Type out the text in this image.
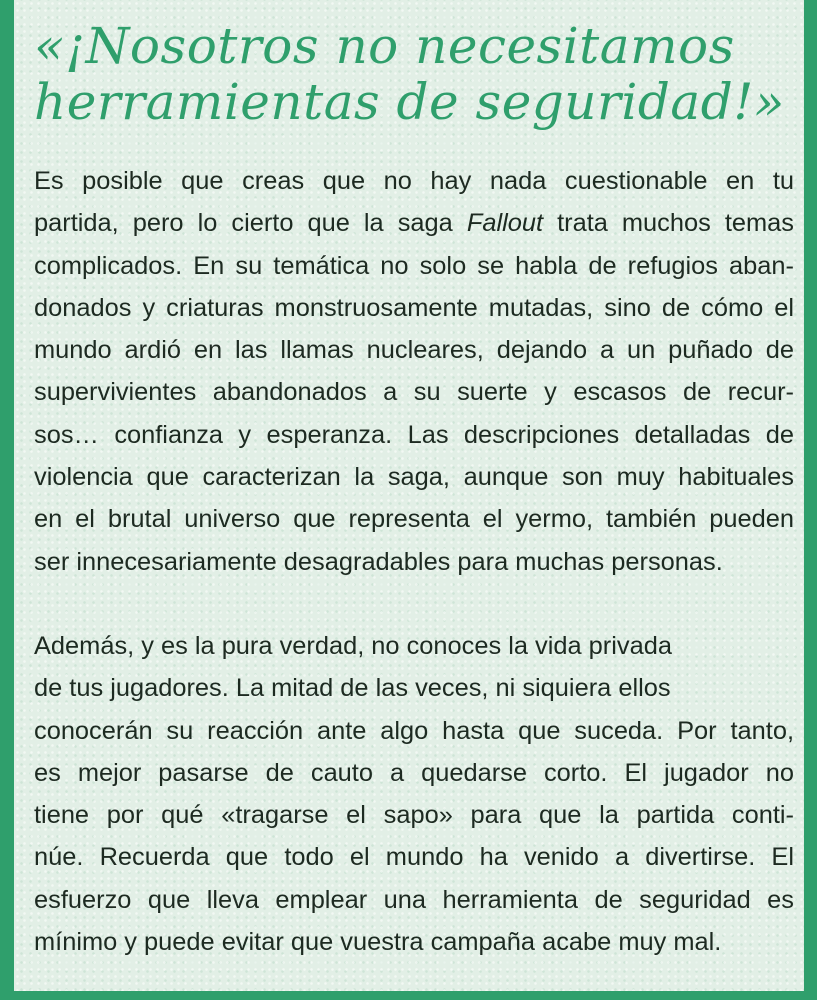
«¡Nosotros no necesitamos
herramientas de seguridad!»
Es posible que creas que no hay nada cuestionable en tu
partida, pero lo cierto que la saga Fallout trata muchos temas
complicados. En su temática no solo se habla de refugios aban-
donados y criaturas monstruosamente mutadas, sino de cómo el
mundo ardió en las llamas nucleares, dejando a un puñado de
supervivientes abandonados a su suerte y escasos de recur-
sos… confianza y esperanza. Las descripciones detalladas de
violencia que caracterizan la saga, aunque son muy habituales
en el brutal universo que representa el yermo, también pueden
ser innecesariamente desagradables para muchas personas.
Además, y es la pura verdad, no conoces la vida privada
de tus jugadores. La mitad de las veces, ni siquiera ellos
conocerán su reacción ante algo hasta que suceda. Por tanto,
es mejor pasarse de cauto a quedarse corto. El jugador no
tiene por qué «tragarse el sapo» para que la partida conti-
núe. Recuerda que todo el mundo ha venido a divertirse. El
esfuerzo que lleva emplear una herramienta de seguridad es
mínimo y puede evitar que vuestra campaña acabe muy mal.
